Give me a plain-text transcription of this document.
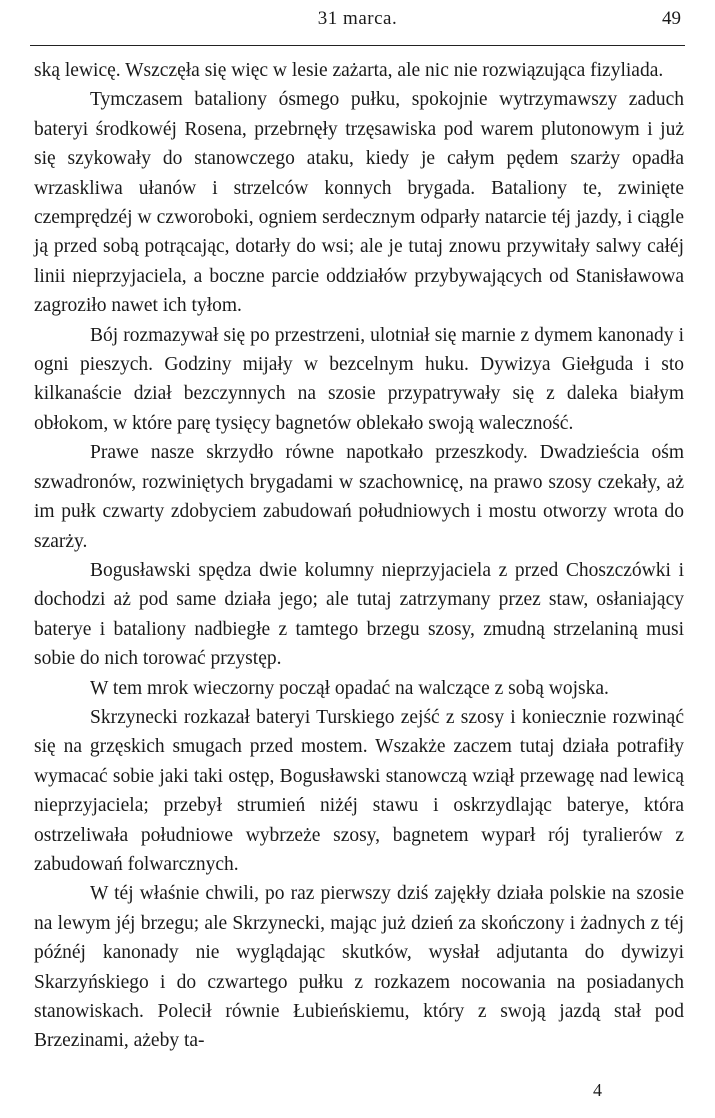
31 marca.	49

ską lewicę. Wszczęła się więc w lesie zażarta, ale nic nie rozwiązująca fizyliada.

Tymczasem bataliony ósmego pułku, spokojnie wytrzymawszy zaduch bateryi środkowéj Rosena, przebrnęły trzęsawiska pod warem plutonowym i już się szykowały do stanowczego ataku, kiedy je całym pędem szarży opadła wrzaskliwa ułanów i strzelców konnych brygada. Bataliony te, zwinięte czemprędzéj w czworoboki, ogniem serdecznym odparły natarcie téj jazdy, i ciągle ją przed sobą potrącając, dotarły do wsi; ale je tutaj znowu przywitały salwy całéj linii nieprzyjaciela, a boczne parcie oddziałów przybywających od Stanisławowa zagroziło nawet ich tyłom.

Bój rozmazywał się po przestrzeni, ulotniał się marnie z dymem kanonady i ogni pieszych. Godziny mijały w bezcelnym huku. Dywizya Giełguda i sto kilkanaście dział bezczynnych na szosie przypatrywały się z daleka białym obłokom, w które parę tysięcy bagnetów oblekało swoją waleczność.

Prawe nasze skrzydło równe napotkało przeszkody. Dwadzieścia ośm szwadronów, rozwiniętych brygadami w szachownicę, na prawo szosy czekały, aż im pułk czwarty zdobyciem zabudowań południowych i mostu otworzy wrota do szarży.

Bogusławski spędza dwie kolumny nieprzyjaciela z przed Choszczówki i dochodzi aż pod same działa jego; ale tutaj zatrzymany przez staw, osłaniający baterye i bataliony nadbiegłe z tamtego brzegu szosy, zmudną strzelaniną musi sobie do nich torować przystęp.

W tem mrok wieczorny począł opadać na walczące z sobą wojska.

Skrzynecki rozkazał bateryi Turskiego zejść z szosy i koniecznie rozwinąć się na grzęskich smugach przed mostem. Wszakże zaczem tutaj działa potrafiły wymacać sobie jaki taki ostęp, Bogusławski stanowczą wziął przewagę nad lewicą nieprzyjaciela; przebył strumień niżéj stawu i oskrzydlając baterye, która ostrzeliwała południowe wybrzeże szosy, bagnetem wyparł rój tyralierów z zabudowań folwarcznych.

W téj właśnie chwili, po raz pierwszy dziś zajękły działa polskie na szosie na lewym jéj brzegu; ale Skrzynecki, mając już dzień za skończony i żadnych z téj późnéj kanonady nie wyglądając skutków, wysłał adjutanta do dywizyi Skarzyńskiego i do czwartego pułku z rozkazem nocowania na posiadanych stanowiskach. Polecił równie Łubieńskiemu, który z swoją jazdą stał pod Brzezinami, ażeby ta-

4
